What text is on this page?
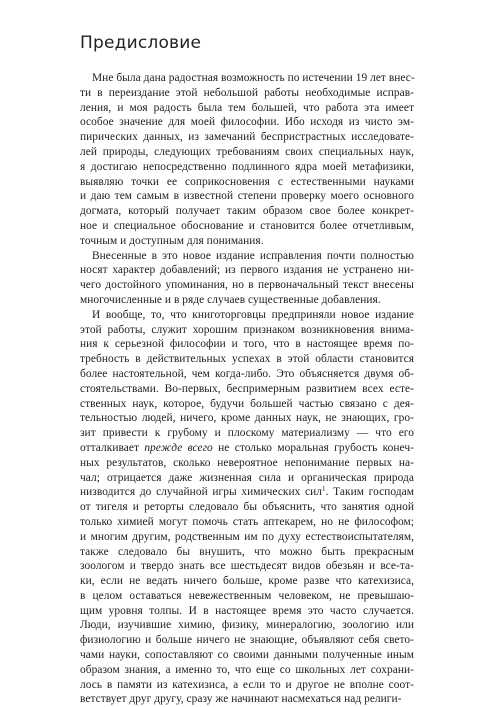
Предисловие
Мне была дана радостная возможность по истечении 19 лет внес-
ти в переиздание этой небольшой работы необходимые исправ-
ления, и моя радость была тем большей, что работа эта имеет
особое значение для моей философии. Ибо исходя из чисто эм-
пирических данных, из замечаний беспристрастных исследовате-
лей природы, следующих требованиям своих специальных наук,
я достигаю непосредственно подлинного ядра моей метафизики,
выявляю точки ее соприкосновения с естественными науками
и даю тем самым в известной степени проверку моего основного
догмата, который получает таким образом свое более конкрет-
ное и специальное обоснование и становится более отчетливым,
точным и доступным для понимания.
Внесенные в это новое издание исправления почти полностью
носят характер добавлений; из первого издания не устранено ни-
чего достойного упоминания, но в первоначальный текст внесены
многочисленные и в ряде случаев существенные добавления.
И вообще, то, что книготорговцы предприняли новое издание
этой работы, служит хорошим признаком возникновения внима-
ния к серьезной философии и того, что в настоящее время по-
требность в действительных успехах в этой области становится
более настоятельной, чем когда-либо. Это объясняется двумя об-
стоятельствами. Во-первых, беспримерным развитием всех есте-
ственных наук, которое, будучи большей частью связано с дея-
тельностью людей, ничего, кроме данных наук, не знающих, гро-
зит привести к грубому и плоскому материализму — что его
отталкивает прежде всего не столько моральная грубость конеч-
ных результатов, сколько невероятное непонимание первых на-
чал; отрицается даже жизненная сила и органическая природа
низводится до случайной игры химических сил$^1$. Таким господам
от тигеля и реторты следовало бы объяснить, что занятия одной
только химией могут помочь стать аптекарем, но не философом;
и многим другим, родственным им по духу естествоиспытателям,
также следовало бы внушить, что можно быть прекрасным
зоологом и твердо знать все шестьдесят видов обезьян и все-та-
ки, если не ведать ничего больше, кроме разве что катехизиса,
в целом оставаться невежественным человеком, не превышаю-
щим уровня толпы. И в настоящее время это часто случается.
Люди, изучившие химию, физику, минералогию, зоологию или
физиологию и больше ничего не знающие, объявляют себя свето-
чами науки, сопоставляют со своими данными полученные иным
образом знания, а именно то, что еще со школьных лет сохрани-
лось в памяти из катехизиса, а если то и другое не вполне соот-
ветствует друг другу, сразу же начинают насмехаться над религи-
